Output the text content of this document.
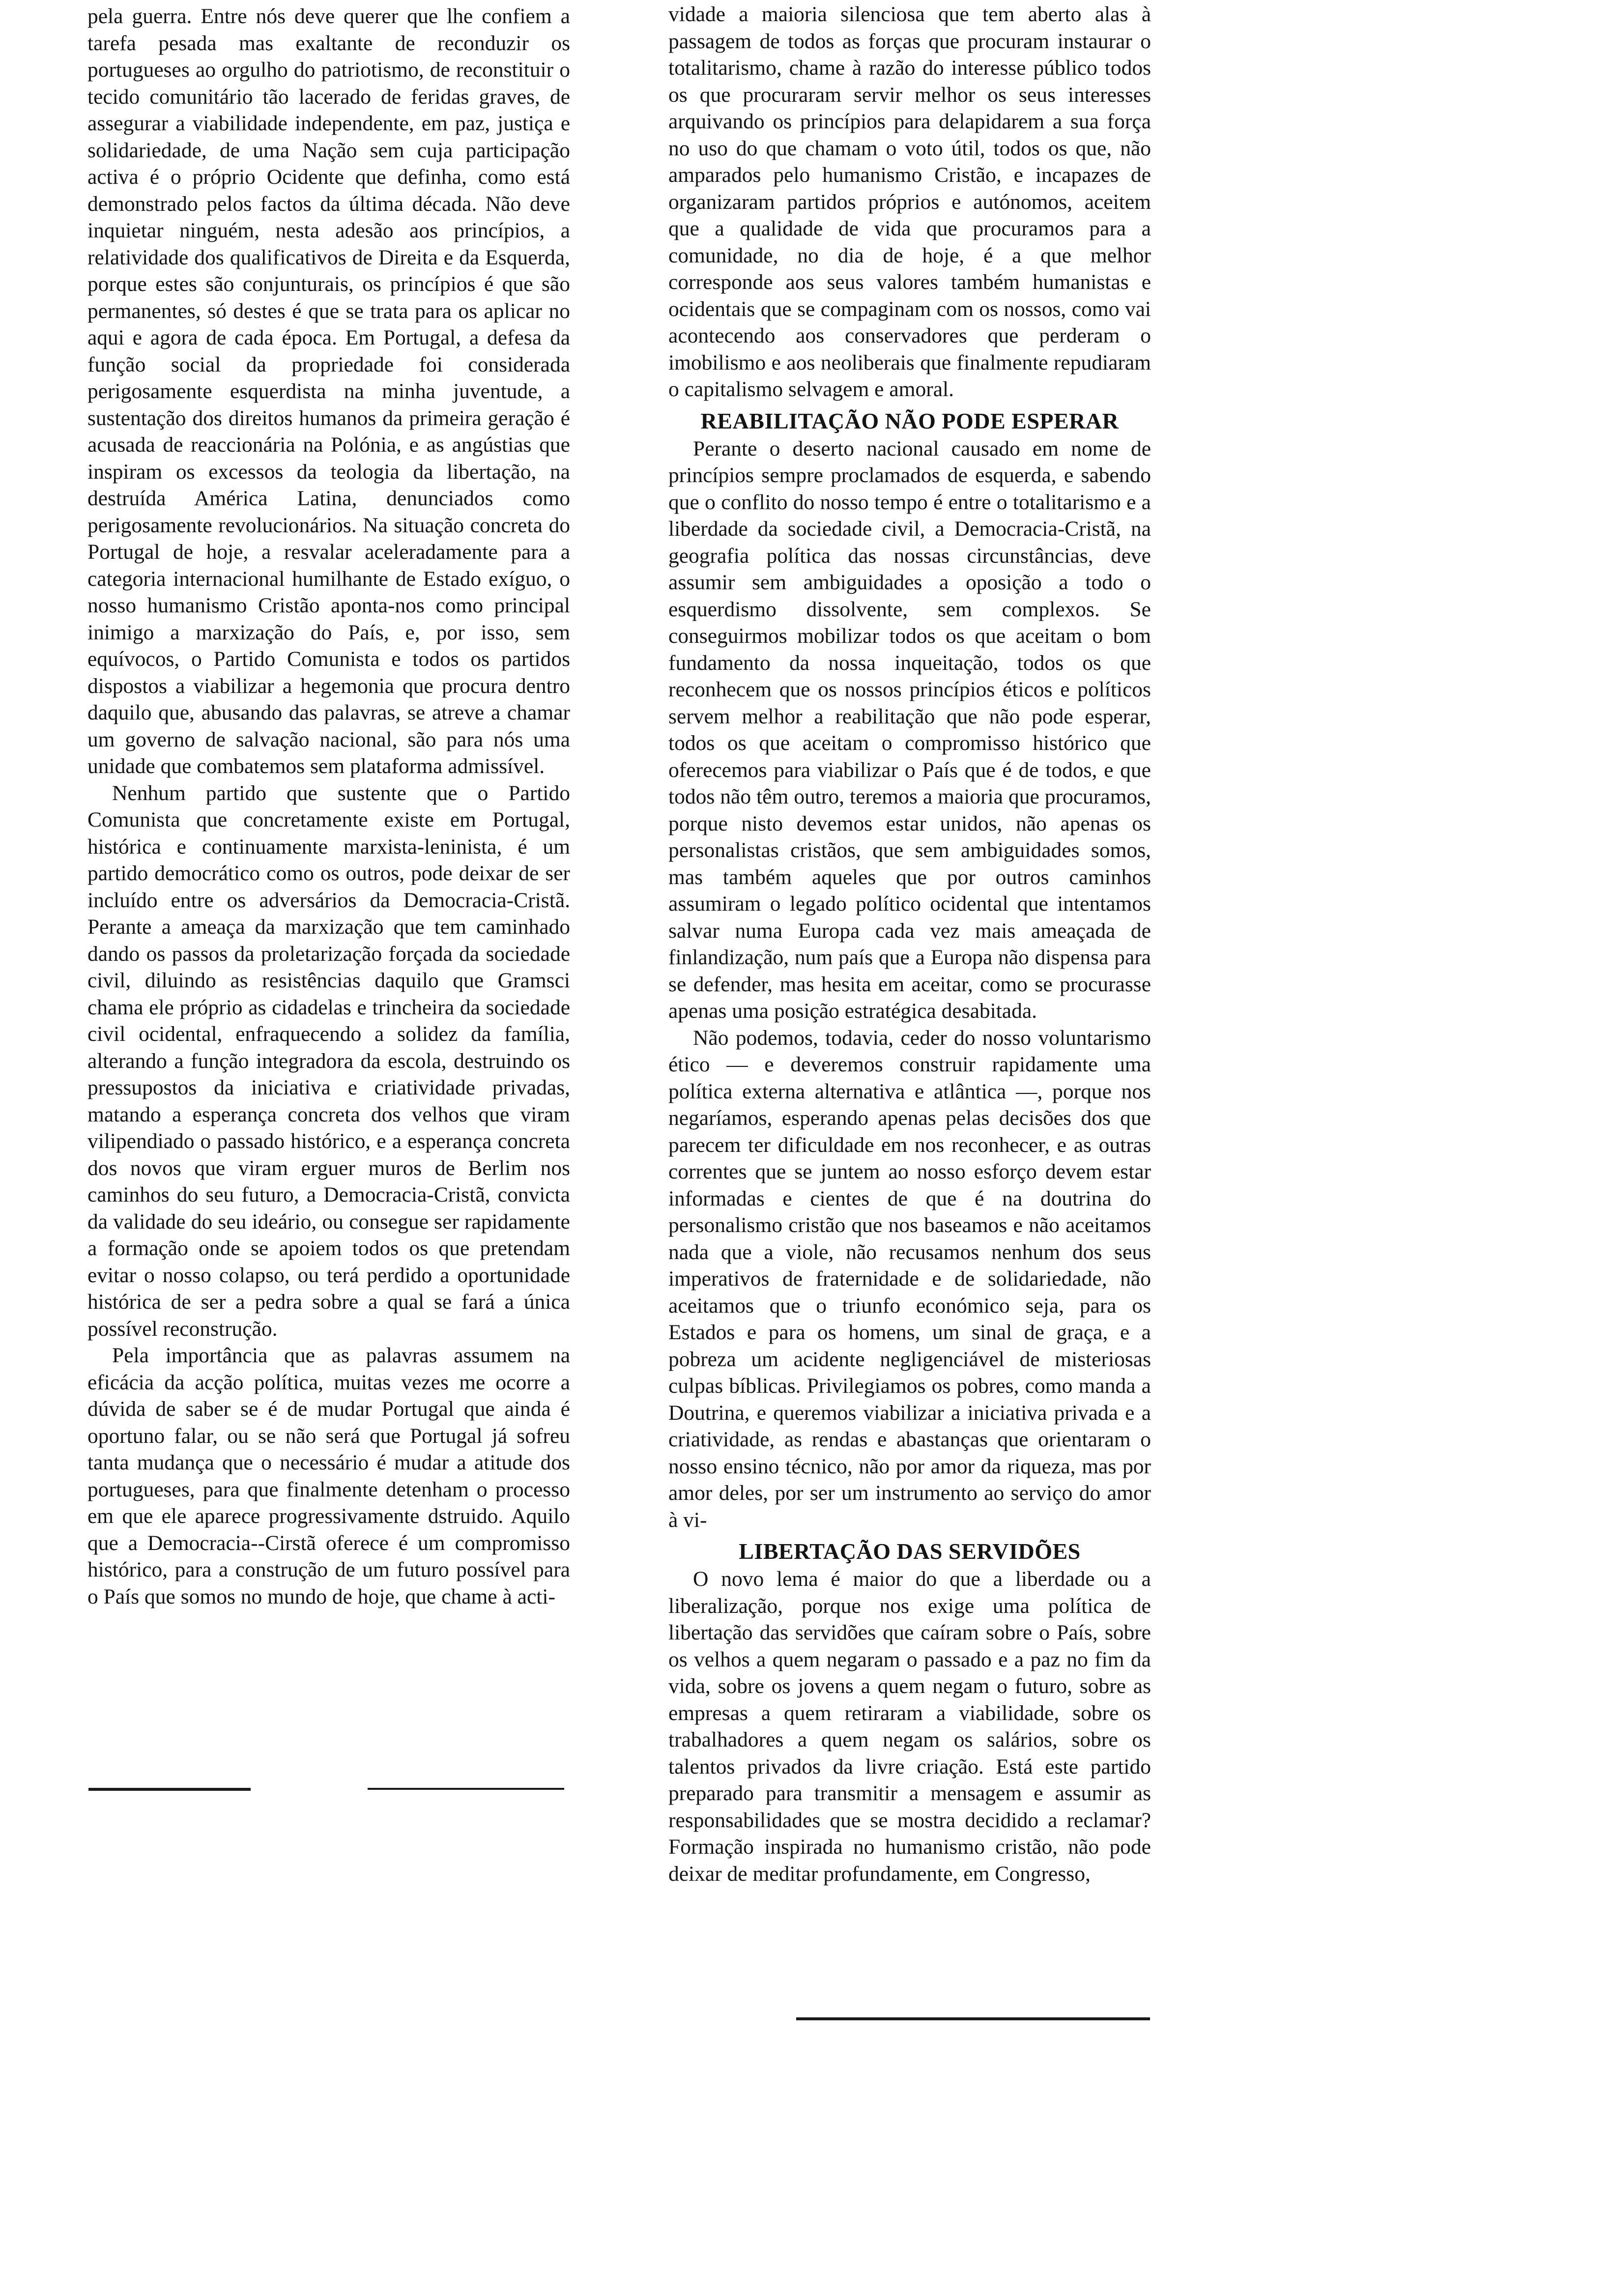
pela guerra. Entre nós deve querer que lhe confiem a tarefa pesada mas exaltante de reconduzir os portugueses ao orgulho do patriotismo, de reconstituir o tecido comunitário tão lacerado de feridas graves, de assegurar a viabilidade independente, em paz, justiça e solidariedade, de uma Nação sem cuja participação activa é o próprio Ocidente que definha, como está demonstrado pelos factos da última década. Não deve inquietar ninguém, nesta adesão aos princípios, a relatividade dos qualificativos de Direita e da Esquerda, porque estes são conjunturais, os princípios é que são permanentes, só destes é que se trata para os aplicar no aqui e agora de cada época. Em Portugal, a defesa da função social da propriedade foi considerada perigosamente esquerdista na minha juventude, a sustentação dos direitos humanos da primeira geração é acusada de reaccionária na Polónia, e as angústias que inspiram os excessos da teologia da libertação, na destruída América Latina, denunciados como perigosamente revolucionários. Na situação concreta do Portugal de hoje, a resvalar aceleradamente para a categoria internacional humilhante de Estado exíguo, o nosso humanismo Cristão aponta-nos como principal inimigo a marxização do País, e, por isso, sem equívocos, o Partido Comunista e todos os partidos dispostos a viabilizar a hegemonia que procura dentro daquilo que, abusando das palavras, se atreve a chamar um governo de salvação nacional, são para nós uma unidade que combatemos sem plataforma admissível.

Nenhum partido que sustente que o Partido Comunista que concretamente existe em Portugal, histórica e continuamente marxista-leninista, é um partido democrático como os outros, pode deixar de ser incluído entre os adversários da Democracia-Cristã. Perante a ameaça da marxização que tem caminhado dando os passos da proletarização forçada da sociedade civil, diluindo as resistências daquilo que Gramsci chama ele próprio as cidadelas e trincheira da sociedade civil ocidental, enfraquecendo a solidez da família, alterando a função integradora da escola, destruindo os pressupostos da iniciativa e criatividade privadas, matando a esperança concreta dos velhos que viram vilipendiado o passado histórico, e a esperança concreta dos novos que viram erguer muros de Berlim nos caminhos do seu futuro, a Democracia-Cristã, convicta da validade do seu ideário, ou consegue ser rapidamente a formação onde se apoiem todos os que pretendam evitar o nosso colapso, ou terá perdido a oportunidade histórica de ser a pedra sobre a qual se fará a única possível reconstrução.

Pela importância que as palavras assumem na eficácia da acção política, muitas vezes me ocorre a dúvida de saber se é de mudar Portugal que ainda é oportuno falar, ou se não será que Portugal já sofreu tanta mudança que o necessário é mudar a atitude dos portugueses, para que finalmente detenham o processo em que ele aparece progressivamente dstruido. Aquilo que a Democracia--Cirstã oferece é um compromisso histórico, para a construção de um futuro possível para o País que somos no mundo de hoje, que chame à acti-

vidade a maioria silenciosa que tem aberto alas à passagem de todos as forças que procuram instaurar o totalitarismo, chame à razão do interesse público todos os que procuraram servir melhor os seus interesses arquivando os princípios para delapidarem a sua força no uso do que chamam o voto útil, todos os que, não amparados pelo humanismo Cristão, e incapazes de organizaram partidos próprios e autónomos, aceitem que a qualidade de vida que procuramos para a comunidade, no dia de hoje, é a que melhor corresponde aos seus valores também humanistas e ocidentais que se compaginam com os nossos, como vai acontecendo aos conservadores que perderam o imobilismo e aos neoliberais que finalmente repudiaram o capitalismo selvagem e amoral.

REABILITAÇÃO NÃO PODE ESPERAR

Perante o deserto nacional causado em nome de princípios sempre proclamados de esquerda, e sabendo que o conflito do nosso tempo é entre o totalitarismo e a liberdade da sociedade civil, a Democracia-Cristã, na geografia política das nossas circunstâncias, deve assumir sem ambiguidades a oposição a todo o esquerdismo dissolvente, sem complexos. Se conseguirmos mobilizar todos os que aceitam o bom fundamento da nossa inqueitação, todos os que reconhecem que os nossos princípios éticos e políticos servem melhor a reabilitação que não pode esperar, todos os que aceitam o compromisso histórico que oferecemos para viabilizar o País que é de todos, e que todos não têm outro, teremos a maioria que procuramos, porque nisto devemos estar unidos, não apenas os personalistas cristãos, que sem ambiguidades somos, mas também aqueles que por outros caminhos assumiram o legado político ocidental que intentamos salvar numa Europa cada vez mais ameaçada de finlandização, num país que a Europa não dispensa para se defender, mas hesita em aceitar, como se procurasse apenas uma posição estratégica desabitada.

Não podemos, todavia, ceder do nosso voluntarismo ético — e deveremos construir rapidamente uma política externa alternativa e atlântica —, porque nos negaríamos, esperando apenas pelas decisões dos que parecem ter dificuldade em nos reconhecer, e as outras correntes que se juntem ao nosso esforço devem estar informadas e cientes de que é na doutrina do personalismo cristão que nos baseamos e não aceitamos nada que a viole, não recusamos nenhum dos seus imperativos de fraternidade e de solidariedade, não aceitamos que o triunfo económico seja, para os Estados e para os homens, um sinal de graça, e a pobreza um acidente negligenciável de misteriosas culpas bíblicas. Privilegiamos os pobres, como manda a Doutrina, e queremos viabilizar a iniciativa privada e a criatividade, as rendas e abastanças que orientaram o nosso ensino técnico, não por amor da riqueza, mas por amor deles, por ser um instrumento ao serviço do amor à vi-

LIBERTAÇÃO DAS SERVIDÕES

O novo lema é maior do que a liberdade ou a liberalização, porque nos exige uma política de libertação das servidões que caíram sobre o País, sobre os velhos a quem negaram o passado e a paz no fim da vida, sobre os jovens a quem negam o futuro, sobre as empresas a quem retiraram a viabilidade, sobre os trabalhadores a quem negam os salários, sobre os talentos privados da livre criação. Está este partido preparado para transmitir a mensagem e assumir as responsabilidades que se mostra decidido a reclamar? Formação inspirada no humanismo cristão, não pode deixar de meditar profundamente, em Congresso,
